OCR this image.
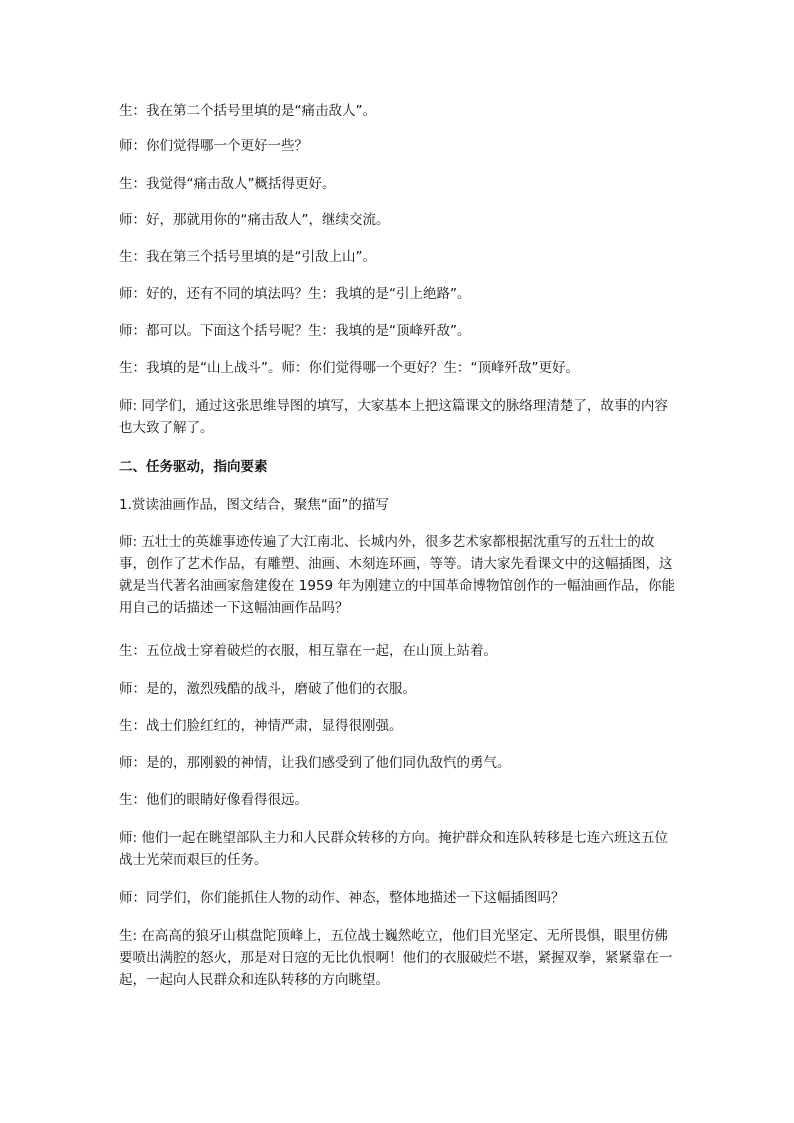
生：我在第二个括号里填的是“痛击敌人”。
师：你们觉得哪一个更好一些？
生：我觉得“痛击敌人”概括得更好。
师：好，那就用你的“痛击敌人”，继续交流。
生：我在第三个括号里填的是“引敌上山”。
师：好的，还有不同的填法吗？生：我填的是“引上绝路”。
师：都可以。下面这个括号呢？生：我填的是“顶峰歼敌”。
生：我填的是“山上战斗”。师：你们觉得哪一个更好？生：“顶峰歼敌”更好。
师: 同学们，通过这张思维导图的填写，大家基本上把这篇课文的脉络理清楚了，故事的内容也大致了解了。
二、任务驱动，指向要素
1.赏读油画作品，图文结合，聚焦“面”的描写
师: 五壮士的英雄事迹传遍了大江南北、长城内外，很多艺术家都根据沈重写的五壮士的故事，创作了艺术作品，有雕塑、油画、木刻连环画，等等。请大家先看课文中的这幅插图，这就是当代著名油画家詹建俊在 1959 年为刚建立的中国革命博物馆创作的一幅油画作品，你能用自己的话描述一下这幅油画作品吗？
生：五位战士穿着破烂的衣服，相互靠在一起，在山顶上站着。
师：是的，激烈残酷的战斗，磨破了他们的衣服。
生：战士们脸红红的，神情严肃，显得很刚强。
师：是的，那刚毅的神情，让我们感受到了他们同仇敌忾的勇气。
生：他们的眼睛好像看得很远。
师: 他们一起在眺望部队主力和人民群众转移的方向。掩护群众和连队转移是七连六班这五位战士光荣而艰巨的任务。
师：同学们，你们能抓住人物的动作、神态，整体地描述一下这幅插图吗？
生: 在高高的狼牙山棋盘陀顶峰上，五位战士巍然屹立，他们目光坚定、无所畏惧，眼里仿佛要喷出满腔的怒火，那是对日寇的无比仇恨啊！他们的衣服破烂不堪，紧握双拳，紧紧靠在一起，一起向人民群众和连队转移的方向眺望。
